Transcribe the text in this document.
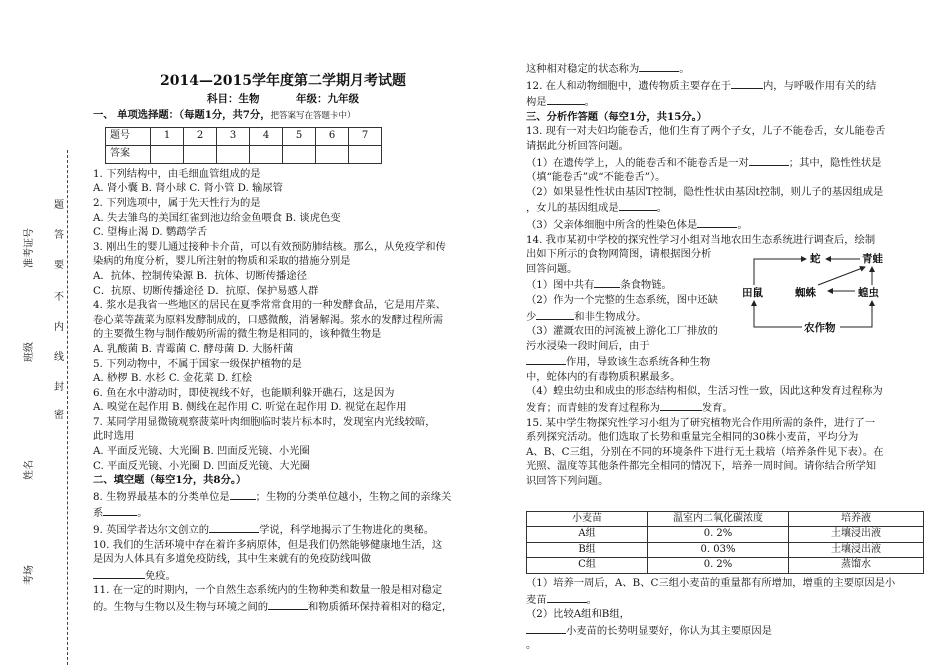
准考证号
班级
姓名
考场
题
答
要
不
内
线
封
密
2014—2015学年度第二学期月考试题
科目：生物	年级：九年级
一、 单项选择题：（每题1分，共7分，把答案写在答题卡中）
题号	1	2	3	4	5	6	7
答案							
1. 下列结构中，由毛细血管组成的是
A. 肾小囊 B. 肾小球 C. 肾小管 D. 输尿管
2. 下列选项中，属于先天性行为的是
A. 失去雏鸟的美国红雀到池边给金鱼喂食 B. 谈虎色变
C. 望梅止渴 D. 鹦鹉学舌
3. 刚出生的婴儿通过接种卡介苗，可以有效预防肺结核。那么，从免疫学和传
染病的角度分析，婴儿所注射的物质和采取的措施分别是
A．抗体、控制传染源 B．抗体、切断传播途径
C．抗原、切断传播途径 D．抗原、保护易感人群
4. 浆水是我省一些地区的居民在夏季常常食用的一种发酵食品，它是用芹菜、
卷心菜等蔬菜为原料发酵制成的，口感微酸，消暑解渴。浆水的发酵过程所需
的主要微生物与制作酸奶所需的微生物是相同的，该种微生物是
A. 乳酸菌 B. 青霉菌 C. 酵母菌 D. 大肠杆菌
5. 下列动物中，不属于国家一级保护植物的是
A. 桫椤 B. 水杉 C. 金花菜 D. 红桧
6. 鱼在水中游动时，即使视线不好，也能顺利躲开礁石，这是因为
A. 嗅觉在起作用 B. 侧线在起作用 C. 听觉在起作用 D. 视觉在起作用
7. 某同学用显微镜观察菠菜叶肉细胞临时装片标本时，发现室内光线较暗，
此时选用
A. 平面反光镜、大光圈 B. 凹面反光镜、小光圈
C. 平面反光镜、小光圈 D. 凹面反光镜、大光圈
二、填空题（每空1分，共8分。）
8. 生物界最基本的分类单位是	；生物的分类单位越小，生物之间的亲缘关
系	。
9. 英国学者达尔文创立的	学说，科学地揭示了生物进化的奥秘。
10. 我们的生活环境中存在着许多病原体，但是我们仍然能够健康地生活，这
是因为人体具有多道免疫防线，其中生来就有的免疫防线叫做
免疫。
11. 在一定的时期内，一个自然生态系统内的生物种类和数量一般是相对稳定
的。生物与生物以及生物与环境之间的	和物质循环保持着相对的稳定，
这种相对稳定的状态称为	。
12. 在人和动物细胞中，遗传物质主要存在于	内，与呼吸作用有关的结
构是	。
三、分析作答题（每空1分，共15分。）
13. 现有一对夫妇均能卷舌，他们生育了两个子女，儿子不能卷舌，女儿能卷舌
请据此分析回答问题。
（1）在遗传学上，人的能卷舌和不能卷舌是一对	；其中，隐性性状是
（填“能卷舌”或“不能卷舌”）。
（2）如果显性性状由基因T控制，隐性性状由基因t控制，则儿子的基因组成是
，女儿的基因组成是	。
（3）父亲体细胞中所含的性染色体是	。
14. 我市某初中学校的探究性学习小组对当地农田生态系统进行调查后，绘制
出如下所示的食物网简图，请根据图分析
回答问题。
（1）图中共有	条食物链。
（2）作为一个完整的生态系统，图中还缺
少	和非生物成分。
（3）灌溉农田的河流被上游化工厂排放的
污水浸染一段时间后，由于
作用，导致该生态系统各种生物
中，蛇体内的有毒物质积累最多。
（4）蝗虫幼虫和成虫的形态结构相似，生活习性一致，因此这种发育过程称为
发育；而青蛙的发育过程称为	发育。
15. 某中学生物探究性学习小组为了研究植物光合作用所需的条件，进行了一
系列探究活动。他们选取了长势和重量完全相同的30株小麦苗，平均分为
A、B、C三组，分别在不同的环境条件下进行无土栽培（培养条件见下表）。在
光照、温度等其他条件都完全相同的情况下，培养一周时间。请你结合所学知
识回答下列问题。
小麦苗	温室内二氧化碳浓度	培养液
A组	0. 2%	土壤浸出液
B组	0. 03%	土壤浸出液
C组	0. 2%	蒸馏水
（1）培养一周后，A、B、C三组小麦苗的重量都有所增加，增重的主要原因是小
麦苗	。
（2）比较A组和B组，
小麦苗的长势明显要好，你认为其主要原因是
。
蛇	青蛙
田鼠	蜘蛛	蝗虫
农作物
